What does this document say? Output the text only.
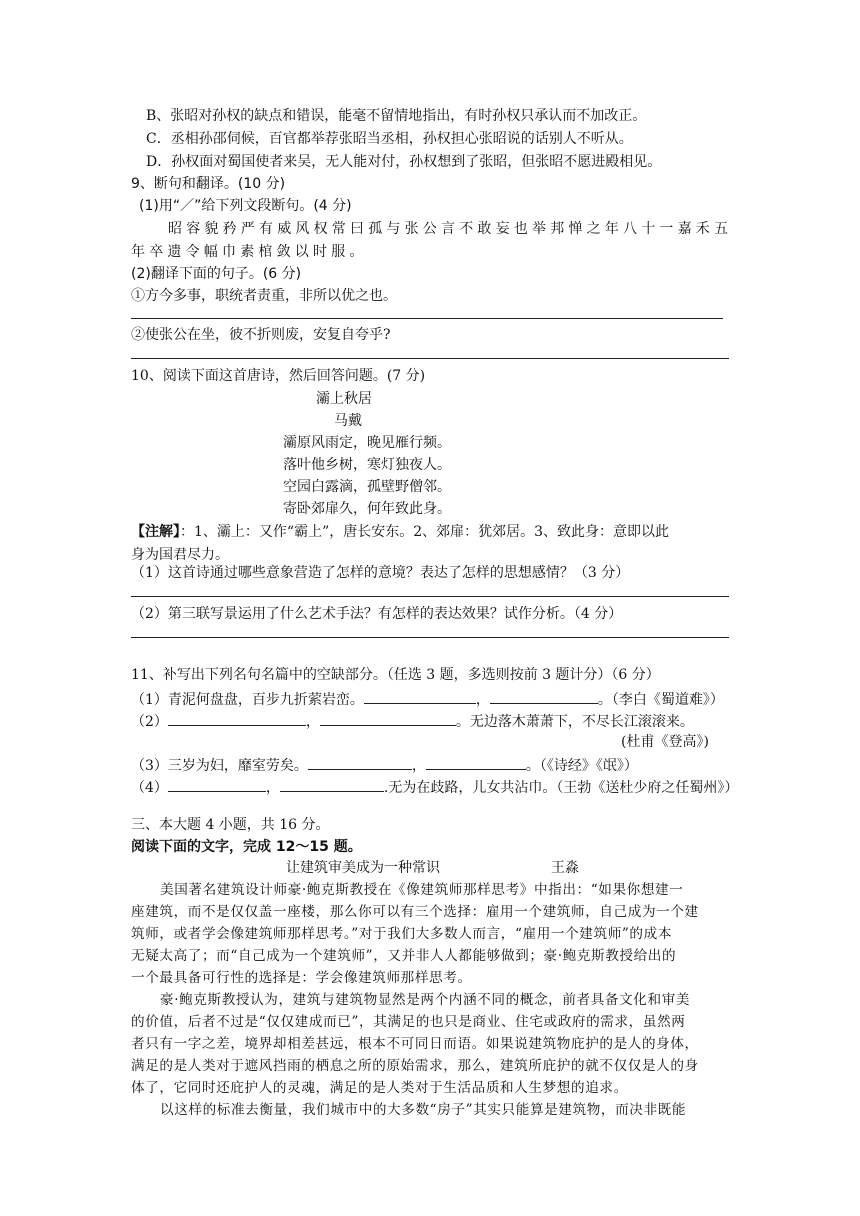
B、张昭对孙权的缺点和错误，能毫不留情地指出，有时孙权只承认而不加改正。
C．丞相孙邵伺候，百官都举荐张昭当丞相，孙权担心张昭说的话别人不听从。
D．孙权面对蜀国使者来吴，无人能对付，孙权想到了张昭，但张昭不愿进殿相见。
9、断句和翻译。(10 分)
(1)用“／”给下列文段断句。(4 分)
昭容貌矜严有威风权常曰孤与张公言不敢妄也举邦惮之年八十一嘉禾五
年卒遗令幅巾素棺敛以时服。
(2)翻译下面的句子。(6 分)
①方今多事，职统者责重，非所以优之也。
②使张公在坐，彼不折则废，安复自夸乎?
10、阅读下面这首唐诗，然后回答问题。(7 分)
灞上秋居
马戴
灞原风雨定，晚见雁行频。
落叶他乡树，寒灯独夜人。
空园白露滴，孤壁野僧邻。
寄卧郊扉久，何年致此身。
【注解】：1、灞上：又作“霸上”，唐长安东。2、郊扉：犹郊居。3、致此身：意即以此
身为国君尽力。
（1）这首诗通过哪些意象营造了怎样的意境？表达了怎样的思想感情？（3 分）
（2）第三联写景运用了什么艺术手法？有怎样的表达效果？试作分析。（4 分）
11、补写出下列名句名篇中的空缺部分。（任选 3 题，多选则按前 3 题计分）（6 分）
（1）青泥何盘盘，百步九折萦岩峦。	，	。（李白《蜀道难》）
（2）	，	。无边落木萧萧下，不尽长江滚滚来。
(杜甫《登高》)
（3）三岁为妇，靡室劳矣。	，	。（《诗经》《氓》）
（4）	，	.无为在歧路，儿女共沾巾。（王勃《送杜少府之任蜀州》）
三、本大题 4 小题，共 16 分。
阅读下面的文字，完成 12～15 题。
让建筑审美成为一种常识	王淼
美国著名建筑设计师豪·鲍克斯教授在《像建筑师那样思考》中指出：“如果你想建一
座建筑，而不是仅仅盖一座楼，那么你可以有三个选择：雇用一个建筑师，自己成为一个建
筑师，或者学会像建筑师那样思考。”对于我们大多数人而言，“雇用一个建筑师”的成本
无疑太高了；而“自己成为一个建筑师”，又并非人人都能够做到；豪·鲍克斯教授给出的
一个最具备可行性的选择是：学会像建筑师那样思考。
豪·鲍克斯教授认为，建筑与建筑物显然是两个内涵不同的概念，前者具备文化和审美
的价值，后者不过是“仅仅建成而已”，其满足的也只是商业、住宅或政府的需求，虽然两
者只有一字之差，境界却相差甚远，根本不可同日而语。如果说建筑物庇护的是人的身体，
满足的是人类对于遮风挡雨的栖息之所的原始需求，那么，建筑所庇护的就不仅仅是人的身
体了，它同时还庇护人的灵魂，满足的是人类对于生活品质和人生梦想的追求。
以这样的标准去衡量，我们城市中的大多数“房子”其实只能算是建筑物，而决非既能
